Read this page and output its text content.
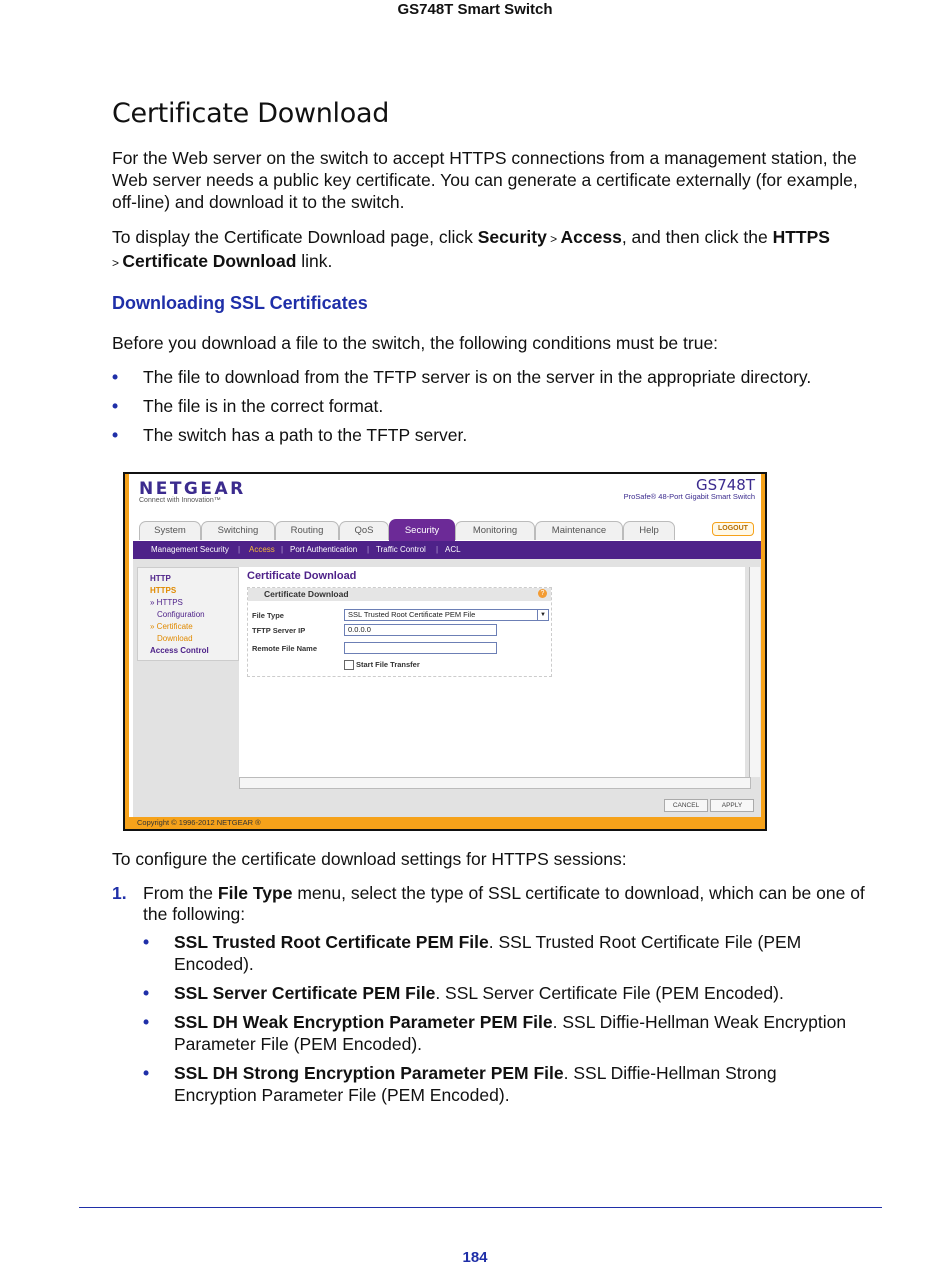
GS748T Smart Switch
Certificate Download
For the Web server on the switch to accept HTTPS connections from a management station, the Web server needs a public key certificate. You can generate a certificate externally (for example, off-line) and download it to the switch.
To display the Certificate Download page, click Security > Access, and then click the HTTPS
> Certificate Download link.
Downloading SSL Certificates
Before you download a file to the switch, the following conditions must be true:
• The file to download from the TFTP server is on the server in the appropriate directory.
• The file is in the correct format.
• The switch has a path to the TFTP server.
NETGEAR
Connect with Innovation™
GS748T
ProSafe® 48-Port Gigabit Smart Switch
System	Switching	Routing	QoS	Security	Monitoring	Maintenance	Help	LOGOUT
Management Security | Access | Port Authentication | Traffic Control | ACL
HTTP
HTTPS
» HTTPS
Configuration
» Certificate
Download
Access Control
Certificate Download
Certificate Download	?
File Type	SSL Trusted Root Certificate PEM File	▼
TFTP Server IP	0.0.0.0
Remote File Name
Start File Transfer
CANCEL	APPLY
Copyright © 1996-2012 NETGEAR ®
To configure the certificate download settings for HTTPS sessions:
1. From the File Type menu, select the type of SSL certificate to download, which can be one of the following:
• SSL Trusted Root Certificate PEM File. SSL Trusted Root Certificate File (PEM Encoded).
• SSL Server Certificate PEM File. SSL Server Certificate File (PEM Encoded).
• SSL DH Weak Encryption Parameter PEM File. SSL Diffie-Hellman Weak Encryption Parameter File (PEM Encoded).
• SSL DH Strong Encryption Parameter PEM File. SSL Diffie-Hellman Strong Encryption Parameter File (PEM Encoded).
184
